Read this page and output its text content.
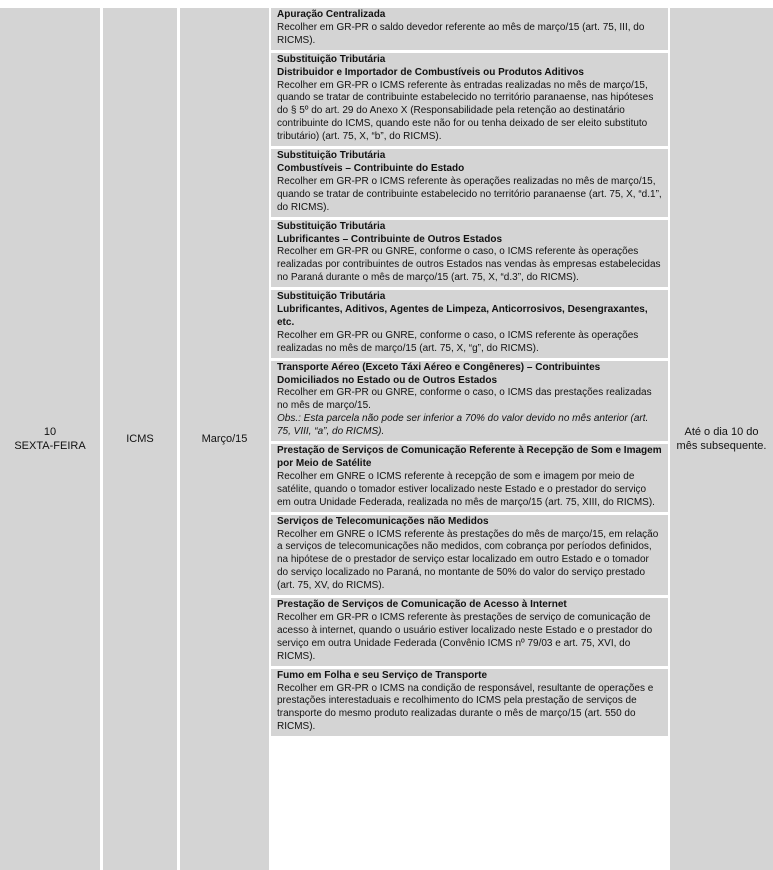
10
SEXTA-FEIRA
ICMS	Março/15
Até o dia 10 do
mês subsequente.

Apuração Centralizada

Recolher em GR-PR o saldo devedor referente ao mês de março/15 (art. 75, III, do RICMS).

Substituição Tributária

Distribuidor e Importador de Combustíveis ou Produtos Aditivos

Recolher em GR-PR o ICMS referente às entradas realizadas no mês de março/15, quando se tratar de contribuinte estabelecido no território paranaense, nas hipóteses do § 5º do art. 29 do Anexo X (Responsabilidade pela retenção ao destinatário contribuinte do ICMS, quando este não for ou tenha deixado de ser eleito substituto tributário) (art. 75, X, “b”, do RICMS).

Substituição Tributária

Combustíveis – Contribuinte do Estado

Recolher em GR-PR o ICMS referente às operações realizadas no mês de março/15, quando se tratar de contribuinte estabelecido no território paranaense (art. 75, X, “d.1”, do RICMS).

Substituição Tributária

Lubrificantes – Contribuinte de Outros Estados

Recolher em GR-PR ou GNRE, conforme o caso, o ICMS referente às operações realizadas por contribuintes de outros Estados nas vendas às empresas estabelecidas no Paraná durante o mês de março/15 (art. 75, X, “d.3”, do RICMS).

Substituição Tributária

Lubrificantes, Aditivos, Agentes de Limpeza, Anticorrosivos, Desengraxantes, etc.

Recolher em GR-PR ou GNRE, conforme o caso, o ICMS referente às operações realizadas no mês de março/15 (art. 75, X, “g”, do RICMS).

Transporte Aéreo (Exceto Táxi Aéreo e Congêneres) – Contribuintes Domiciliados no Estado ou de Outros Estados

Recolher em GR-PR ou GNRE, conforme o caso, o ICMS das prestações realizadas no mês de março/15.

Obs.: Esta parcela não pode ser inferior a 70% do valor devido no mês anterior (art. 75, VIII, “a”, do RICMS).

Prestação de Serviços de Comunicação Referente à Recepção de Som e Imagem por Meio de Satélite

Recolher em GNRE o ICMS referente à recepção de som e imagem por meio de satélite, quando o tomador estiver localizado neste Estado e o prestador do serviço em outra Unidade Federada, realizada no mês de março/15 (art. 75, XIII, do RICMS).

Serviços de Telecomunicações não Medidos

Recolher em GNRE o ICMS referente às prestações do mês de março/15, em relação a serviços de telecomunicações não medidos, com cobrança por períodos definidos, na hipótese de o prestador de serviço estar localizado em outro Estado e o tomador do serviço localizado no Paraná, no montante de 50% do valor do serviço prestado (art. 75, XV, do RICMS).

Prestação de Serviços de Comunicação de Acesso à Internet

Recolher em GR-PR o ICMS referente às prestações de serviço de comunicação de acesso à internet, quando o usuário estiver localizado neste Estado e o prestador do serviço em outra Unidade Federada (Convênio ICMS nº 79/03 e art. 75, XVI, do RICMS).

Fumo em Folha e seu Serviço de Transporte

Recolher em GR-PR o ICMS na condição de responsável, resultante de operações e prestações interestaduais e recolhimento do ICMS pela prestação de serviços de transporte do mesmo produto realizadas durante o mês de março/15 (art. 550 do RICMS).
